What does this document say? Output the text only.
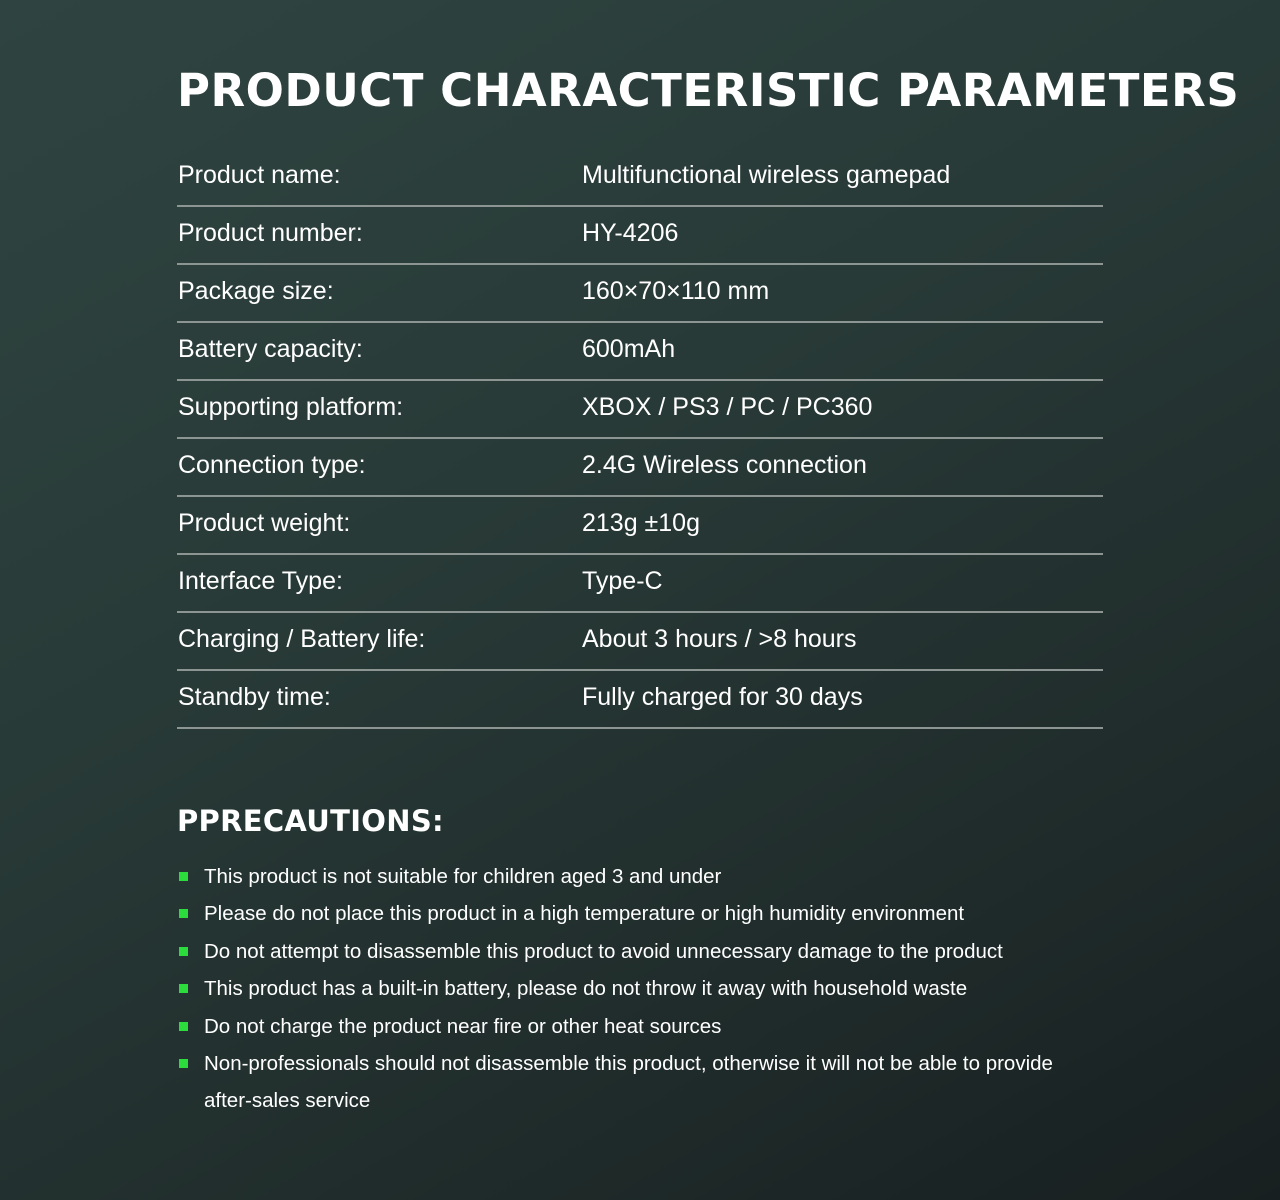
PRODUCT CHARACTERISTIC PARAMETERS
Product name:	Multifunctional wireless gamepad
Product number:	HY-4206
Package size:	160×70×110 mm
Battery capacity:	600mAh
Supporting platform:	XBOX / PS3 / PC / PC360
Connection type:	2.4G Wireless connection
Product weight:	213g ±10g
Interface Type:	Type-C
Charging / Battery life:	About 3 hours / >8 hours
Standby time:	Fully charged for 30 days
PPRECAUTIONS:
This product is not suitable for children aged 3 and under
Please do not place this product in a high temperature or high humidity environment
Do not attempt to disassemble this product to avoid unnecessary damage to the product
This product has a built-in battery, please do not throw it away with household waste
Do not charge the product near fire or other heat sources
Non-professionals should not disassemble this product, otherwise it will not be able to provide after-sales service
